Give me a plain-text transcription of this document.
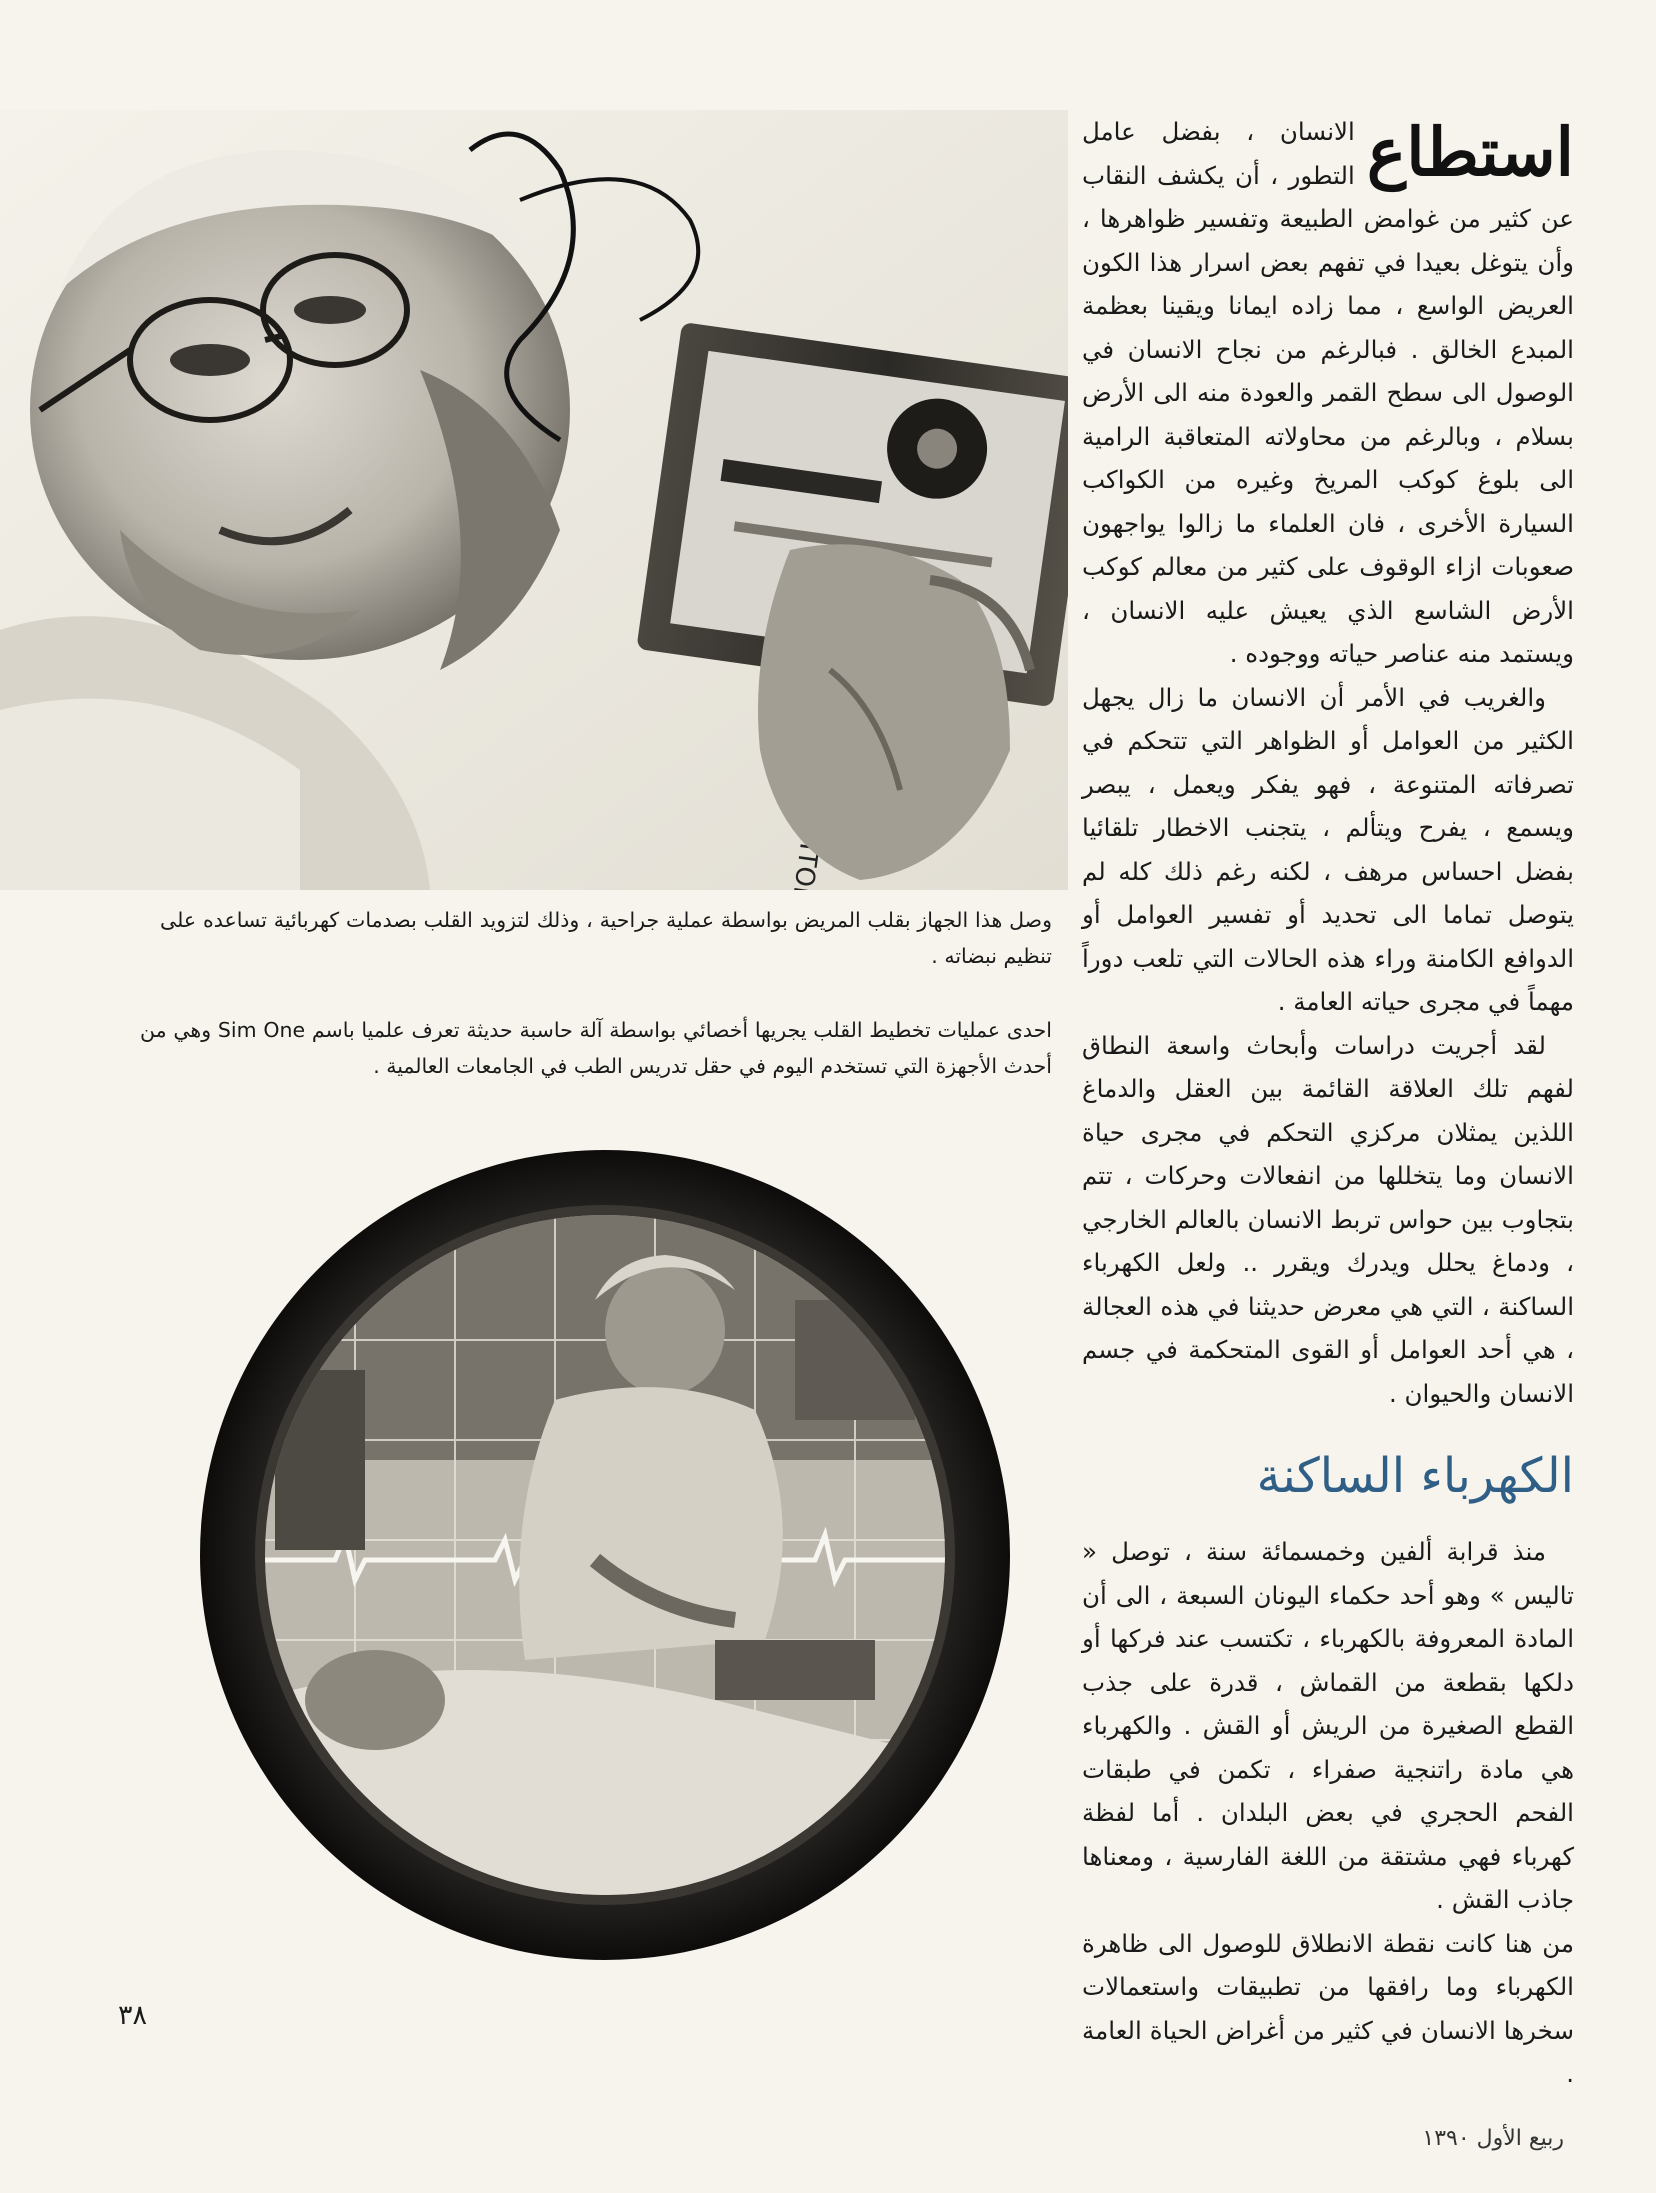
وصل هذا الجهاز بقلب المريض بواسطة عملية جراحية ، وذلك لتزويد القلب بصدمات كهربائية تساعده على تنظيم نبضاته .
احدى عمليات تخطيط القلب يجريها أخصائي بواسطة آلة حاسبة حديثة تعرف علميا باسم Sim One وهي من أحدث الأجهزة التي تستخدم اليوم في حقل تدريس الطب في الجامعات العالمية .

استطاع
الانسان ، بفضل عامل التطور ، أن يكشف النقاب عن كثير من غوامض الطبيعة وتفسير ظواهرها ، وأن يتوغل بعيدا في تفهم بعض اسرار هذا الكون العريض الواسع ، مما زاده ايمانا ويقينا بعظمة المبدع الخالق . فبالرغم من نجاح الانسان في الوصول الى سطح القمر والعودة منه الى الأرض بسلام ، وبالرغم من محاولاته المتعاقبة الرامية الى بلوغ كوكب المريخ وغيره من الكواكب السيارة الأخرى ، فان العلماء ما زالوا يواجهون صعوبات ازاء الوقوف على كثير من معالم كوكب الأرض الشاسع الذي يعيش عليه الانسان ، ويستمد منه عناصر حياته ووجوده .

والغريب في الأمر أن الانسان ما زال يجهل الكثير من العوامل أو الظواهر التي تتحكم في تصرفاته المتنوعة ، فهو يفكر ويعمل ، يبصر ويسمع ، يفرح ويتألم ، يتجنب الاخطار تلقائيا بفضل احساس مرهف ، لكنه رغم ذلك كله لم يتوصل تماما الى تحديد أو تفسير العوامل أو الدوافع الكامنة وراء هذه الحالات التي تلعب دوراً مهماً في مجرى حياته العامة .

لقد أجريت دراسات وأبحاث واسعة النطاق لفهم تلك العلاقة القائمة بين العقل والدماغ اللذين يمثلان مركزي التحكم في مجرى حياة الانسان وما يتخللها من انفعالات وحركات ، تتم بتجاوب بين حواس تربط الانسان بالعالم الخارجي ، ودماغ يحلل ويدرك ويقرر .. ولعل الكهرباء الساكنة ، التي هي معرض حديثنا في هذه العجالة ، هي أحد العوامل أو القوى المتحكمة في جسم الانسان والحيوان .

الكهرباء الساكنة

منذ قرابة ألفين وخمسمائة سنة ، توصل « تاليس » وهو أحد حكماء اليونان السبعة ، الى أن المادة المعروفة بالكهرباء ، تكتسب عند فركها أو دلكها بقطعة من القماش ، قدرة على جذب القطع الصغيرة من الريش أو القش . والكهرباء هي مادة راتنجية صفراء ، تكمن في طبقات الفحم الحجري في بعض البلدان . أما لفظة كهرباء فهي مشتقة من اللغة الفارسية ، ومعناها جاذب القش .

من هنا كانت نقطة الانطلاق للوصول الى ظاهرة الكهرباء وما رافقها من تطبيقات واستعمالات سخرها الانسان في كثير من أغراض الحياة العامة .

٣٨
ربيع الأول ١٣٩٠
